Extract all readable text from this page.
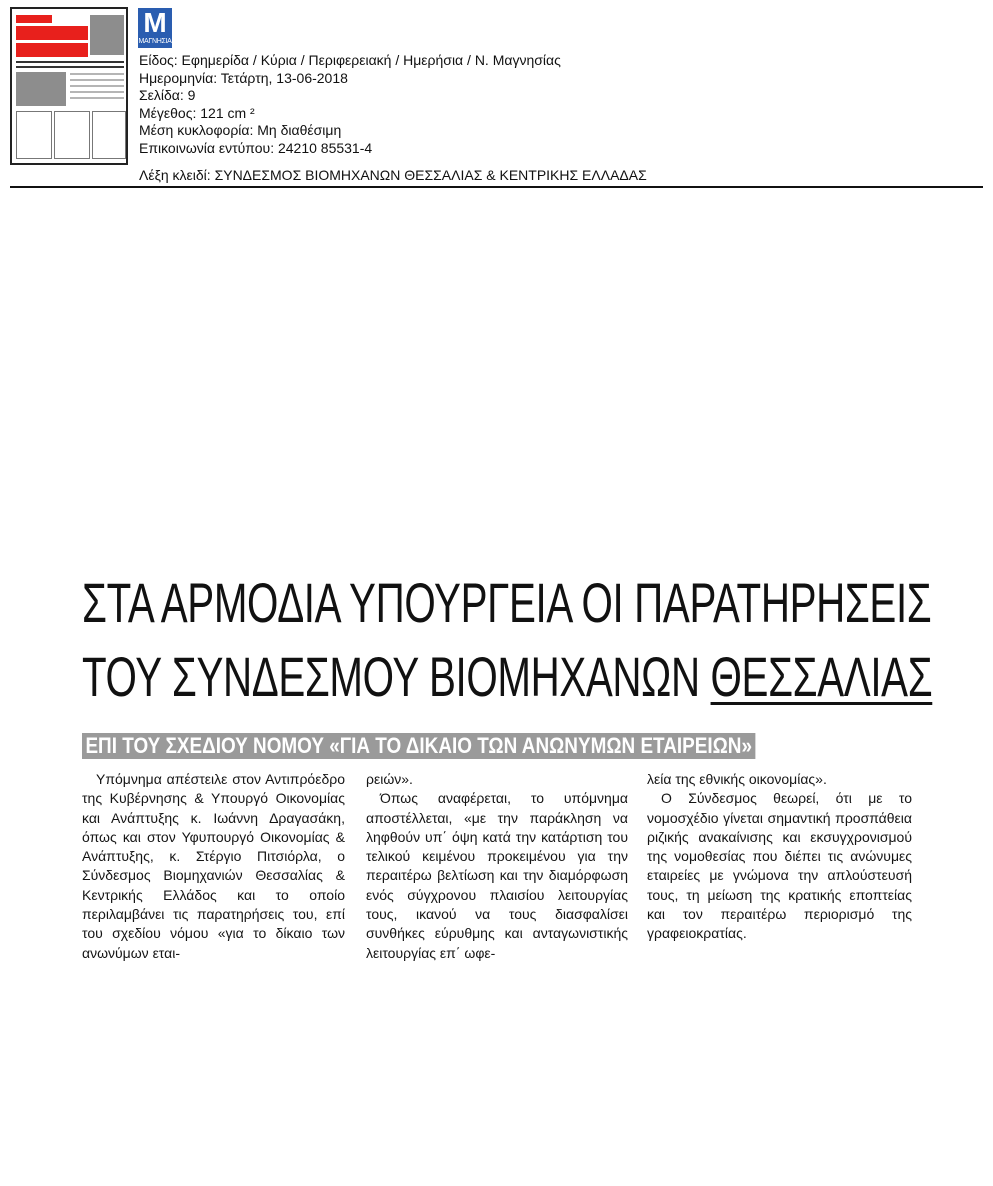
M
ΜΑΓΝΗΣΙΑ
Είδος: Εφημερίδα / Κύρια / Περιφερειακή / Ημερήσια / Ν. Μαγνησίας
Ημερομηνία: Τετάρτη, 13-06-2018
Σελίδα: 9
Μέγεθος: 121 cm ²
Μέση κυκλοφορία: Μη διαθέσιμη
Επικοινωνία εντύπου: 24210 85531-4
Λέξη κλειδί: ΣΥΝΔΕΣΜΟΣ ΒΙΟΜΗΧΑΝΩΝ ΘΕΣΣΑΛΙΑΣ & ΚΕΝΤΡΙΚΗΣ ΕΛΛΑΔΑΣ
ΣΤΑ ΑΡΜΟΔΙΑ ΥΠΟΥΡΓΕΙΑ ΟΙ ΠΑΡΑΤΗΡΗΣΕΙΣ
ΤΟΥ ΣΥΝΔΕΣΜΟΥ ΒΙΟΜΗΧΑΝΩΝ ΘΕΣΣΑΛΙΑΣ
ΕΠΙ ΤΟΥ ΣΧΕΔΙΟΥ ΝΟΜΟΥ «ΓΙΑ ΤΟ ΔΙΚΑΙΟ ΤΩΝ ΑΝΩΝΥΜΩΝ ΕΤΑΙΡΕΙΩΝ»

Υπόμνημα απέστειλε στον Αντιπρόεδρο της Κυβέρνησης & Υπουργό Οικονομίας και Ανάπτυξης κ. Ιωάννη Δραγασάκη, όπως και στον Υφυπουργό Οικονομίας & Ανάπτυξης, κ. Στέργιο Πιτσιόρλα, ο Σύνδεσμος Βιομηχανιών Θεσσαλίας & Κεντρικής Ελλάδος και το οποίο περιλαμβάνει τις παρατηρήσεις του, επί του σχεδίου νόμου «για το δίκαιο των ανωνύμων εται-

ρειών».

Όπως αναφέρεται, το υπόμνημα αποστέλλεται, «με την παράκληση να ληφθούν υπ΄ όψη κατά την κατάρτιση του τελικού κειμένου προκειμένου για την περαιτέρω βελτίωση και την διαμόρφωση ενός σύγχρονου πλαισίου λειτουργίας τους, ικανού να τους διασφαλίσει συνθήκες εύρυθμης και ανταγωνιστικής λειτουργίας επ΄ ωφε-

λεία της εθνικής οικονομίας».

Ο Σύνδεσμος θεωρεί, ότι με το νομοσχέδιο γίνεται σημαντική προσπάθεια ριζικής ανακαίνισης και εκσυγχρονισμού της νομοθεσίας που διέπει τις ανώνυμες εταιρείες με γνώμονα την απλούστευσή τους, τη μείωση της κρατικής εποπτείας και τον περαιτέρω περιορισμό της γραφειοκρατίας.
